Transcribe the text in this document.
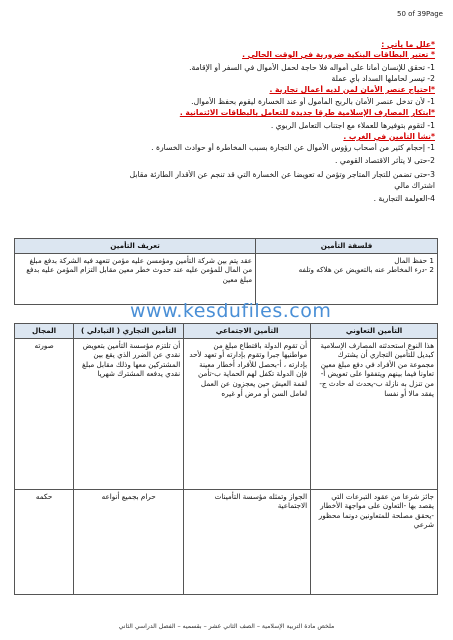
50 of 39Page
*علل ما يأتي :
* تعتبر البطاقات البنكية ضرورية في الوقت الحالي .
1- تحقق للإنسان أمانا على أمواله فلا حاجة لحمل الأموال في السفر أو الإقامة.
2- تيسر لحاملها السداد بأي عملة
*احتياج عنصر الأمان لمن لديه أعمال تجارية .
1- لأن تدخل عنصر الأمان بالربح المأمول أو عند الخسارة ليقوم بحفظ الأموال.
*ابتكار المصارف الإسلامية طرقا جديدة للتعامل بالبطاقات الائتمانية .
1- لتقوم بتوفيرها للعملاء مع اجتناب التعامل الربوي .
*نشأ التأمين في الغرب .
1- إحجام كثير من أصحاب رؤوس الأموال عن التجارة بسبب المخاطرة أو حوادث الخسارة .
2-حتى لا يتأثر الاقتصاد القومي .
3-حتى تضمن للتجار المتاجر وتؤمن له تعويضا عن الخسارة التي قد تنجم عن الأقدار الطارئة مقابل
اشتراك مالي
4-العولمة التجارية .
تعريف التأمين	فلسفة التأمين
عقد يتم بين شركة التأمين ومؤمسن عليه مؤمن تتعهد فيه الشركة بدفع مبلغ من المال للمؤمن عليه عند حدوث خطر معين مقابل التزام المؤمن عليه بدفع مبلغ معين	1 حفظ المال
2 -درء المخاطر عنه بالتعويض عن هلاكه وتلفه
www.kesdufiles.com
المجال	التأمين التجاري ( التبادلي )	التأمين الاجتماعي	التأمين التعاوني
صورته	أن تلتزم مؤسسة التأمين بتعويض نقدي عن الضرر الذي يقع بين المشتركين معها وذلك مقابل مبلغ نقدي يدفعه المشترك شهريا	أن تقوم الدولة باقتطاع مبلغ من مواطنيها جبرا وتقوم بإدارته أو تعهد لأحد بإدارته ، أ-بحصل للأفراد أخطار معينة فإن الدولة تكفل لهم الحماية ب-تأمن لقمة العيش حين يعجزون عن العمل لعامل السن أو مرض أو غيره	هذا النوع استحدثته المصارف الإسلامية كبديل للتأمين التجاري أن يشترك مجموعة من الأفراد في دفع مبلغ معين تعاونا فيما بينهم ويتفقوا على تعويض أ-من تنزل به نازلة ب-يحدث له حادث ج-يفقد مالا أو نفسا
حكمه	حرام بجميع أنواعه	الجواز وتمثله مؤسسة التأمينات الاجتماعية	جائز شرعا من عقود التبرعات التي يقصد بها -التعاون على مواجهة الأخطار -يحقق مصلحة للمتعاونين دونما محظور شرعي
ملخص مادة التربية الإسلامية – الصف الثاني عشر – بقسميه – الفصل الدراسي الثاني
